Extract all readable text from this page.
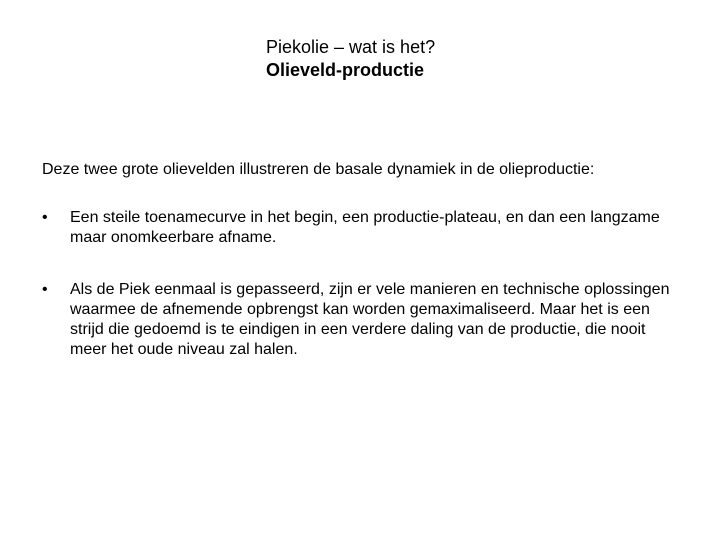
Piekolie – wat is het?
Olieveld-productie
Deze twee grote olievelden illustreren de basale dynamiek in de olieproductie:
•	Een steile toenamecurve in het begin, een productie-plateau, en dan een langzame maar onomkeerbare afname.
•	Als de Piek eenmaal is gepasseerd, zijn er vele manieren en technische oplossingen waarmee de afnemende opbrengst kan worden gemaximaliseerd. Maar het is een strijd die gedoemd is te eindigen in een verdere daling van de productie, die nooit meer het oude niveau zal halen.
